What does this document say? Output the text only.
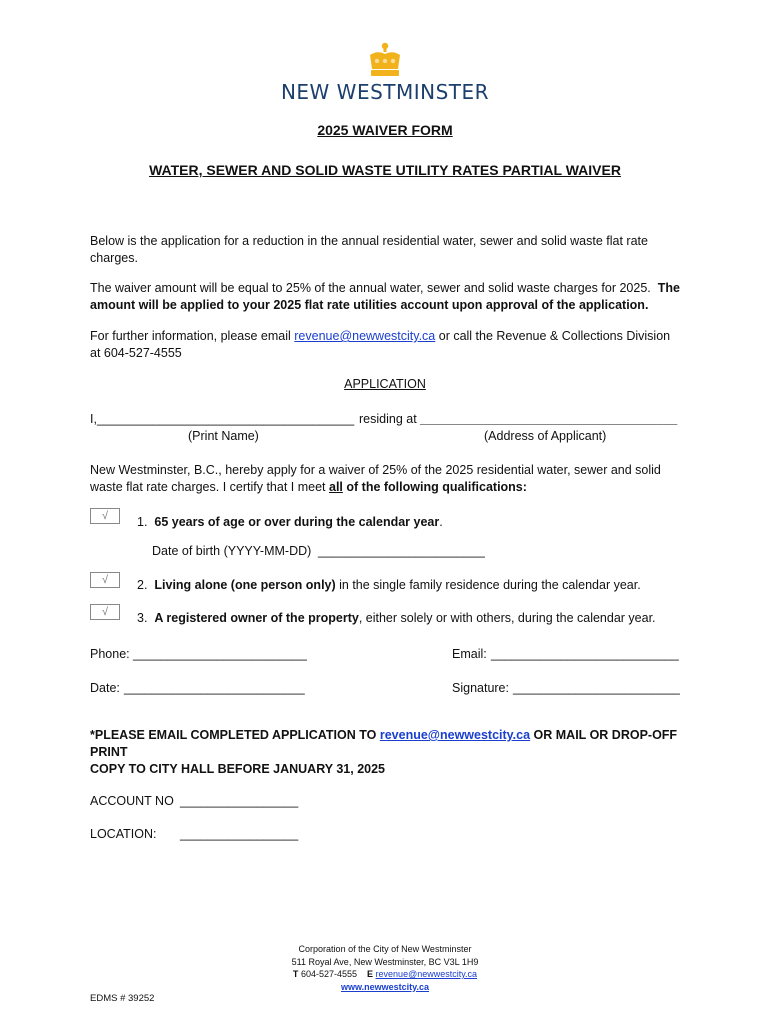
NEW WESTMINSTER
2025 WAIVER FORM
WATER, SEWER AND SOLID WASTE UTILITY RATES PARTIAL WAIVER
Below is the application for a reduction in the annual residential water, sewer and solid waste flat rate charges.
The waiver amount will be equal to 25% of the annual water, sewer and solid waste charges for 2025. The amount will be applied to your 2025 flat rate utilities account upon approval of the application.
For further information, please email revenue@newwestcity.ca or call the Revenue & Collections Division
at 604-527-4555
APPLICATION
I,_____________________________________ residing at _____________________________________
(Print Name)	(Address of Applicant)
New Westminster, B.C., hereby apply for a waiver of 25% of the 2025 residential water, sewer and solid
waste flat rate charges. I certify that I meet all of the following qualifications:
√	1. 65 years of age or over during the calendar year.
Date of birth (YYYY-MM-DD) ________________________
√	2. Living alone (one person only) in the single family residence during the calendar year.
√	3. A registered owner of the property, either solely or with others, during the calendar year.
Phone: _________________________	Email: ___________________________
Date: __________________________	Signature: ________________________
*PLEASE EMAIL COMPLETED APPLICATION TO revenue@newwestcity.ca OR MAIL OR DROP-OFF PRINT
COPY TO CITY HALL BEFORE JANUARY 31, 2025
ACCOUNT NO _________________
LOCATION: _________________
Corporation of the City of New Westminster
511 Royal Ave, New Westminster, BC V3L 1H9
T 604-527-4555 E revenue@newwestcity.ca
www.newwestcity.ca
EDMS # 39252
